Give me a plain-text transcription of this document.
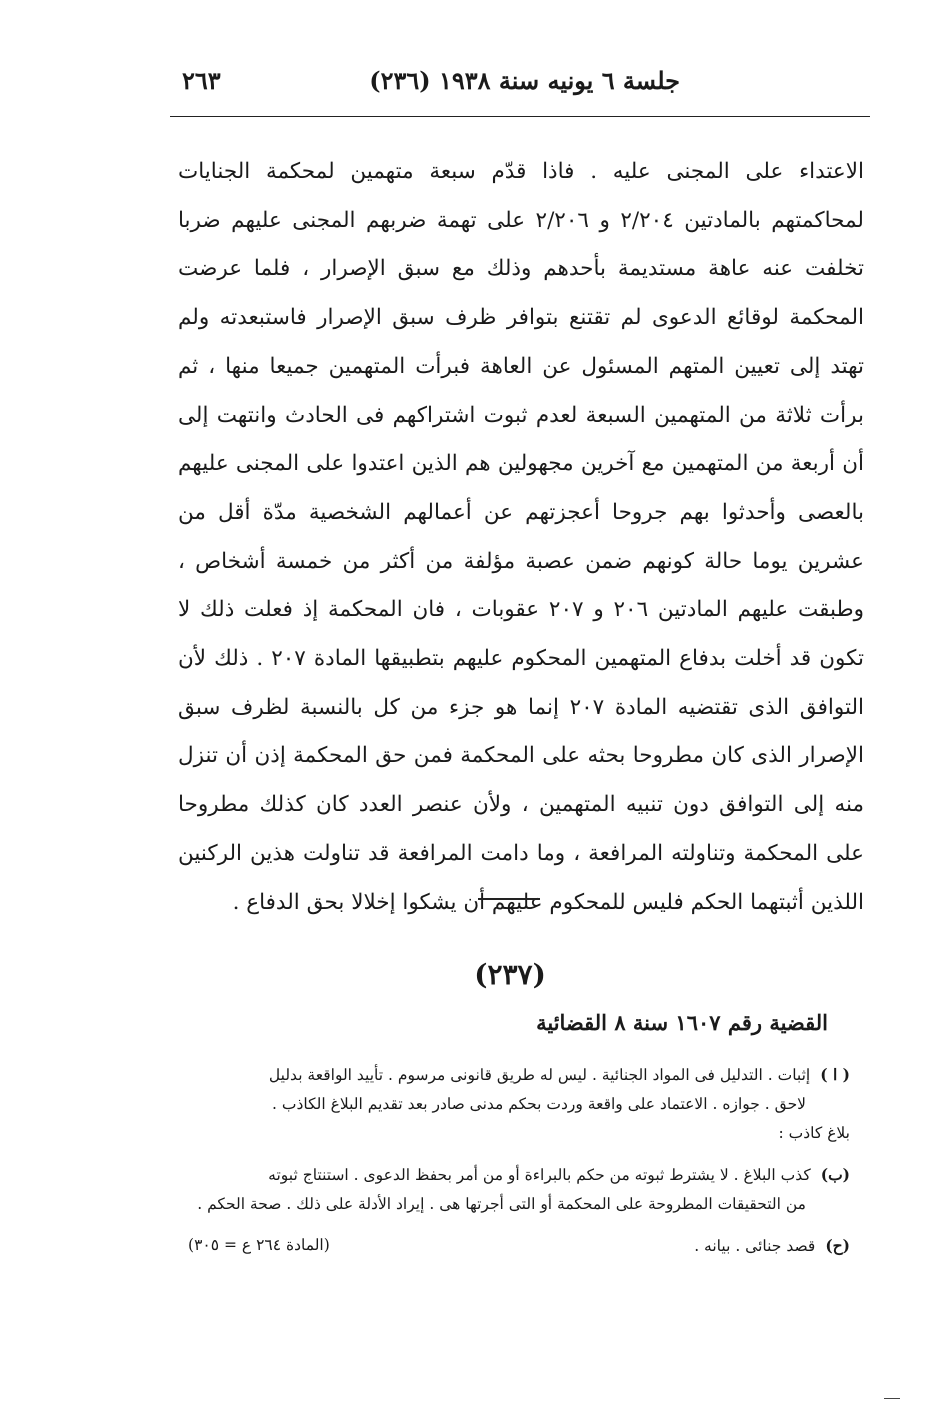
جلسة ٦ يونيه سنة ١٩٣٨ (٢٣٦)
٢٦٣

الاعتداء على المجنى عليه . فاذا قدّم سبعة متهمين لمحكمة الجنايات لمحاكمتهم بالمادتين ٢/٢٠٤ و ٢/٢٠٦ على تهمة ضربهم المجنى عليهم ضربا تخلفت عنه عاهة مستديمة بأحدهم وذلك مع سبق الإصرار ، فلما عرضت المحكمة لوقائع الدعوى لم تقتنع بتوافر ظرف سبق الإصرار فاستبعدته ولم تهتد إلى تعيين المتهم المسئول عن العاهة فبرأت المتهمين جميعا منها ، ثم برأت ثلاثة من المتهمين السبعة لعدم ثبوت اشتراكهم فى الحادث وانتهت إلى أن أربعة من المتهمين مع آخرين مجهولين هم الذين اعتدوا على المجنى عليهم بالعصى وأحدثوا بهم جروحا أعجزتهم عن أعمالهم الشخصية مدّة أقل من عشرين يوما حالة كونهم ضمن عصبة مؤلفة من أكثر من خمسة أشخاص ، وطبقت عليهم المادتين ٢٠٦ و ٢٠٧ عقوبات ، فان المحكمة إذ فعلت ذلك لا تكون قد أخلت بدفاع المتهمين المحكوم عليهم بتطبيقها المادة ٢٠٧ . ذلك لأن التوافق الذى تقتضيه المادة ٢٠٧ إنما هو جزء من كل بالنسبة لظرف سبق الإصرار الذى كان مطروحا بحثه على المحكمة فمن حق المحكمة إذن أن تنزل منه إلى التوافق دون تنبيه المتهمين ، ولأن عنصر العدد كان كذلك مطروحا على المحكمة وتناولته المرافعة ، وما دامت المرافعة قد تناولت هذين الركنين اللذين أثبتهما الحكم فليس للمحكوم عليهم أن يشكوا إخلالا بحق الدفاع .

(٢٣٧)
القضية رقم ١٦٠٧ سنة ٨ القضائية
( ا )إثبات . التدليل فى المواد الجنائية . ليس له طريق قانونى مرسوم . تأييد الواقعة بدليل
لاحق . جوازه . الاعتماد على واقعة وردت بحكم مدنى صادر بعد تقديم البلاغ الكاذب .
بلاغ كاذب :
(ب)كذب البلاغ . لا يشترط ثبوته من حكم بالبراءة أو من أمر بحفظ الدعوى . استنتاج ثبوته
من التحقيقات المطروحة على المحكمة أو التى أجرتها هى . إيراد الأدلة على ذلك . صحة الحكم .
(ح)قصد جنائى . بيانه .
(المادة ٢٦٤ ع = ٣٠٥)
